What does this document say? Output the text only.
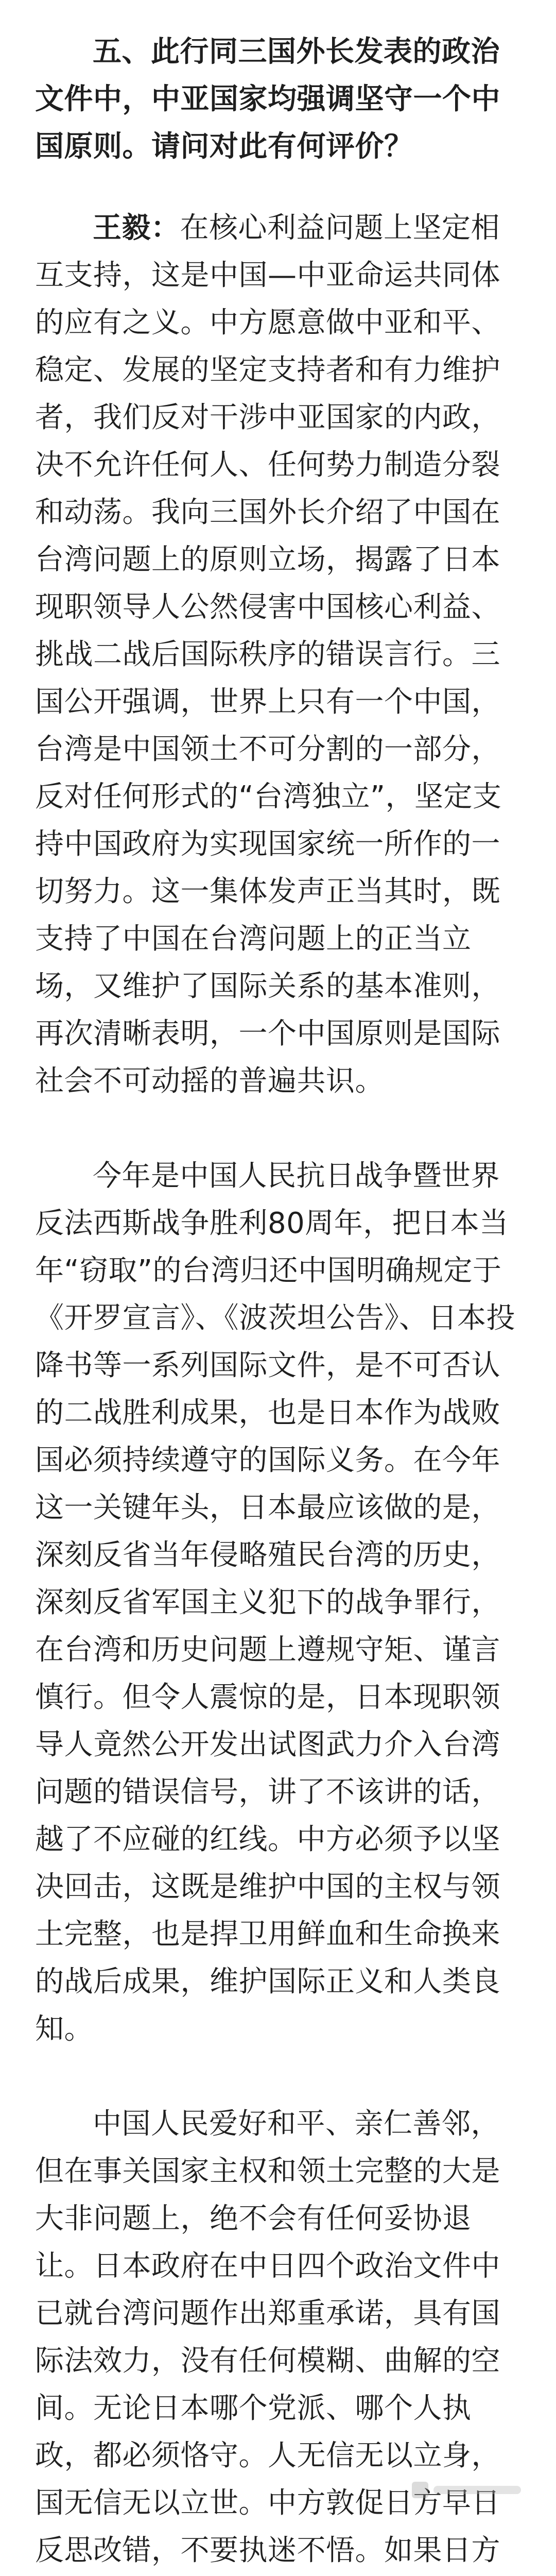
五、此行同三国外长发表的政治文件中，中亚国家均强调坚守一个中国原则。请问对此有何评价？

王毅：在核心利益问题上坚定相互支持，这是中国—中亚命运共同体的应有之义。中方愿意做中亚和平、稳定、发展的坚定支持者和有力维护者，我们反对干涉中亚国家的内政，决不允许任何人、任何势力制造分裂和动荡。我向三国外长介绍了中国在台湾问题上的原则立场，揭露了日本现职领导人公然侵害中国核心利益、挑战二战后国际秩序的错误言行。三国公开强调，世界上只有一个中国，台湾是中国领土不可分割的一部分，反对任何形式的“台湾独立”，坚定支持中国政府为实现国家统一所作的一切努力。这一集体发声正当其时，既支持了中国在台湾问题上的正当立场，又维护了国际关系的基本准则，再次清晰表明，一个中国原则是国际社会不可动摇的普遍共识。

今年是中国人民抗日战争暨世界反法西斯战争胜利80周年，把日本当年“窃取”的台湾归还中国明确规定于《开罗宣言》、《波茨坦公告》、日本投降书等一系列国际文件，是不可否认的二战胜利成果，也是日本作为战败国必须持续遵守的国际义务。在今年这一关键年头，日本最应该做的是，深刻反省当年侵略殖民台湾的历史，深刻反省军国主义犯下的战争罪行，在台湾和历史问题上遵规守矩、谨言慎行。但令人震惊的是，日本现职领导人竟然公开发出试图武力介入台湾问题的错误信号，讲了不该讲的话，越了不应碰的红线。中方必须予以坚决回击，这既是维护中国的主权与领土完整，也是捍卫用鲜血和生命换来的战后成果，维护国际正义和人类良知。

中国人民爱好和平、亲仁善邻，但在事关国家主权和领土完整的大是大非问题上，绝不会有任何妥协退让。日本政府在中日四个政治文件中已就台湾问题作出郑重承诺，具有国际法效力，没有任何模糊、曲解的空间。无论日本哪个党派、哪个人执政，都必须恪守。人无信无以立身，国无信无以立世。中方敦促日方早日反思改错，不要执迷不悟。如果日方
